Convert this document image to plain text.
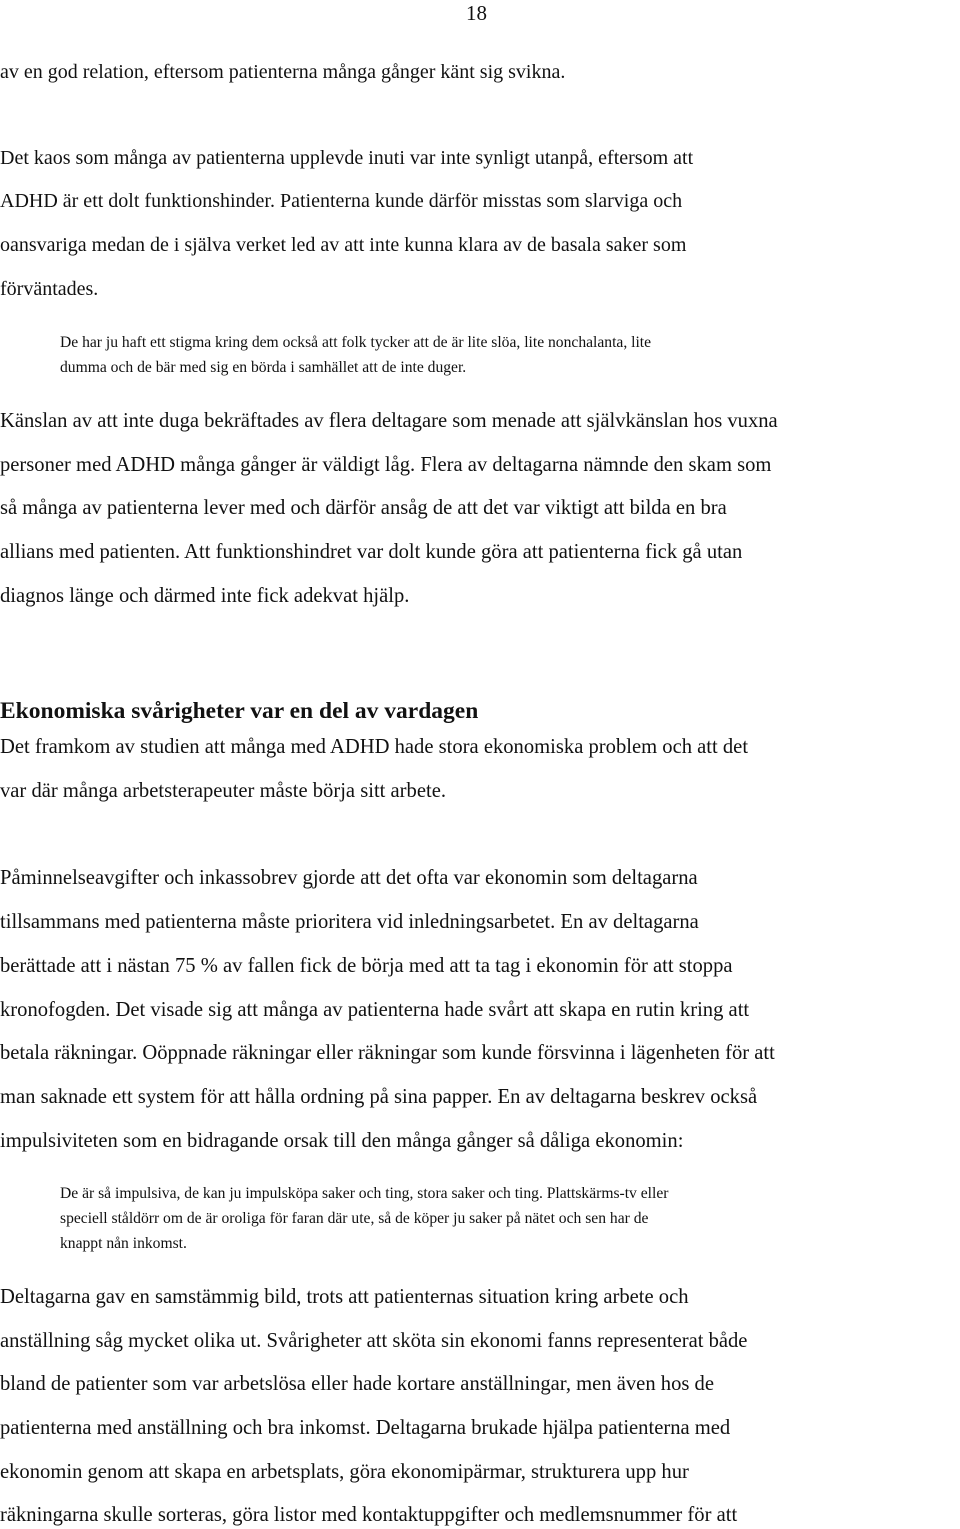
18
av en god relation, eftersom patienterna många gånger känt sig svikna.
Det kaos som många av patienterna upplevde inuti var inte synligt utanpå, eftersom att
ADHD är ett dolt funktionshinder. Patienterna kunde därför misstas som slarviga och
oansvariga medan de i själva verket led av att inte kunna klara av de basala saker som
förväntades.
De har ju haft ett stigma kring dem också att folk tycker att de är lite slöa, lite nonchalanta, lite
dumma och de bär med sig en börda i samhället att de inte duger.
Känslan av att inte duga bekräftades av flera deltagare som menade att självkänslan hos vuxna
personer med ADHD många gånger är väldigt låg. Flera av deltagarna nämnde den skam som
så många av patienterna lever med och därför ansåg de att det var viktigt att bilda en bra
allians med patienten. Att funktionshindret var dolt kunde göra att patienterna fick gå utan
diagnos länge och därmed inte fick adekvat hjälp.
Ekonomiska svårigheter var en del av vardagen
Det framkom av studien att många med ADHD hade stora ekonomiska problem och att det
var där många arbetsterapeuter måste börja sitt arbete.
Påminnelseavgifter och inkassobrev gjorde att det ofta var ekonomin som deltagarna
tillsammans med patienterna måste prioritera vid inledningsarbetet. En av deltagarna
berättade att i nästan 75 % av fallen fick de börja med att ta tag i ekonomin för att stoppa
kronofogden. Det visade sig att många av patienterna hade svårt att skapa en rutin kring att
betala räkningar. Oöppnade räkningar eller räkningar som kunde försvinna i lägenheten för att
man saknade ett system för att hålla ordning på sina papper. En av deltagarna beskrev också
impulsiviteten som en bidragande orsak till den många gånger så dåliga ekonomin:
De är så impulsiva, de kan ju impulsköpa saker och ting, stora saker och ting. Plattskärms-tv eller
speciell ståldörr om de är oroliga för faran där ute, så de köper ju saker på nätet och sen har de
knappt nån inkomst.
Deltagarna gav en samstämmig bild, trots att patienternas situation kring arbete och
anställning såg mycket olika ut. Svårigheter att sköta sin ekonomi fanns representerat både
bland de patienter som var arbetslösa eller hade kortare anställningar, men även hos de
patienterna med anställning och bra inkomst. Deltagarna brukade hjälpa patienterna med
ekonomin genom att skapa en arbetsplats, göra ekonomipärmar, strukturera upp hur
räkningarna skulle sorteras, göra listor med kontaktuppgifter och medlemsnummer för att
